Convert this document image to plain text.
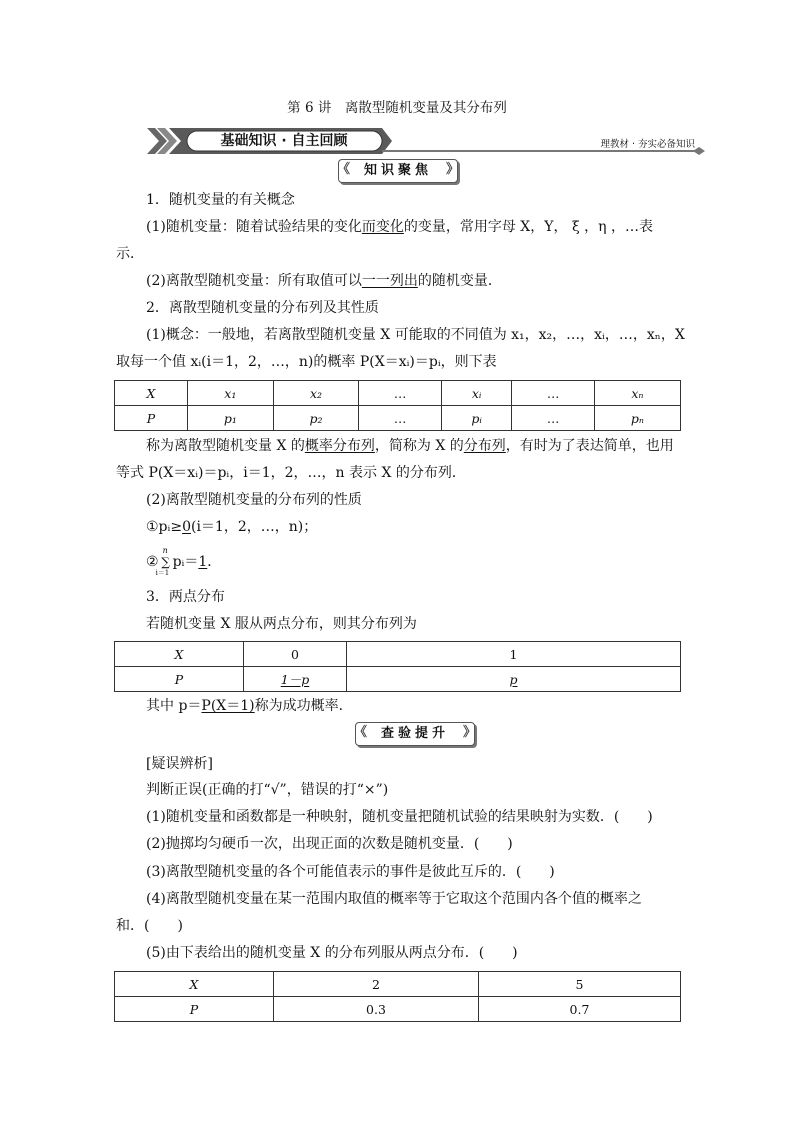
第 6 讲　离散型随机变量及其分布列
基础知识 · 自主回顾	理教材 · 夯实必备知识
《 知识聚焦 》
1．随机变量的有关概念
(1)随机变量：随着试验结果的变化而变化的变量，常用字母 X，Y， ξ ，η ，…表
示．
(2)离散型随机变量：所有取值可以一一列出的随机变量．
2．离散型随机变量的分布列及其性质
(1)概念：一般地，若离散型随机变量 X 可能取的不同值为 x₁，x₂，…，xᵢ，…，xₙ，X
取每一个值 xᵢ(i＝1，2，…，n)的概率 P(X＝xᵢ)＝pᵢ，则下表
X	x₁	x₂	…	xᵢ	…	xₙ
P	p₁	p₂	…	pᵢ	…	pₙ
称为离散型随机变量 X 的概率分布列，简称为 X 的分布列，有时为了表达简单，也用
等式 P(X＝xᵢ)＝pᵢ，i＝1，2，…，n 表示 X 的分布列．
(2)离散型随机变量的分布列的性质
①pᵢ≥0(i＝1，2，…，n)；
②
n
∑
i＝1
pᵢ＝1．
3．两点分布
若随机变量 X 服从两点分布，则其分布列为
X	0	1
P	1－p	p
其中 p＝P(X＝1)称为成功概率．
《 查验提升 》
[疑误辨析]
判断正误(正确的打“√”，错误的打“×”)
(1)随机变量和函数都是一种映射，随机变量把随机试验的结果映射为实数．(　　)
(2)抛掷均匀硬币一次，出现正面的次数是随机变量．(　　)
(3)离散型随机变量的各个可能值表示的事件是彼此互斥的．(　　)
(4)离散型随机变量在某一范围内取值的概率等于它取这个范围内各个值的概率之
和．(　　)
(5)由下表给出的随机变量 X 的分布列服从两点分布．(　　)
X	2	5
P	0.3	0.7
